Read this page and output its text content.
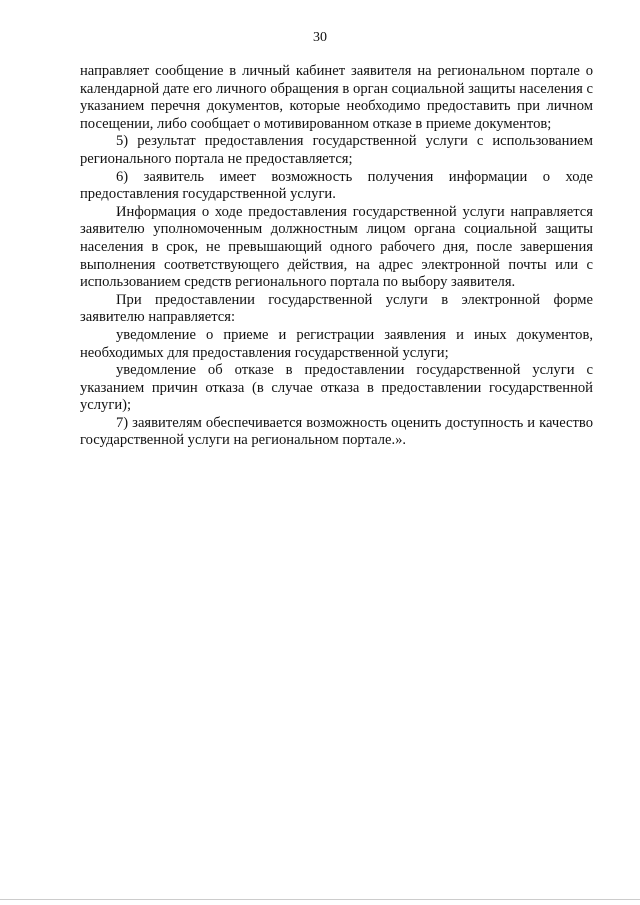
30

направляет сообщение в личный кабинет заявителя на региональном портале о календарной дате его личного обращения в орган социальной защиты населения с указанием перечня документов, которые необходимо предоставить при личном посещении, либо сообщает о мотивированном отказе в приеме документов;

5) результат предоставления государственной услуги с использованием регионального портала не предоставляется;

6) заявитель имеет возможность получения информации о ходе предоставления государственной услуги.

Информация о ходе предоставления государственной услуги направляется заявителю уполномоченным должностным лицом органа социальной защиты населения в срок, не превышающий одного рабочего дня, после завершения выполнения соответствующего действия, на адрес электронной почты или с использованием средств регионального портала по выбору заявителя.

При предоставлении государственной услуги в электронной форме заявителю направляется:

уведомление о приеме и регистрации заявления и иных документов, необходимых для предоставления государственной услуги;

уведомление об отказе в предоставлении государственной услуги с указанием причин отказа (в случае отказа в предоставлении государственной услуги);

7) заявителям обеспечивается возможность оценить доступность и качество государственной услуги на региональном портале.».
